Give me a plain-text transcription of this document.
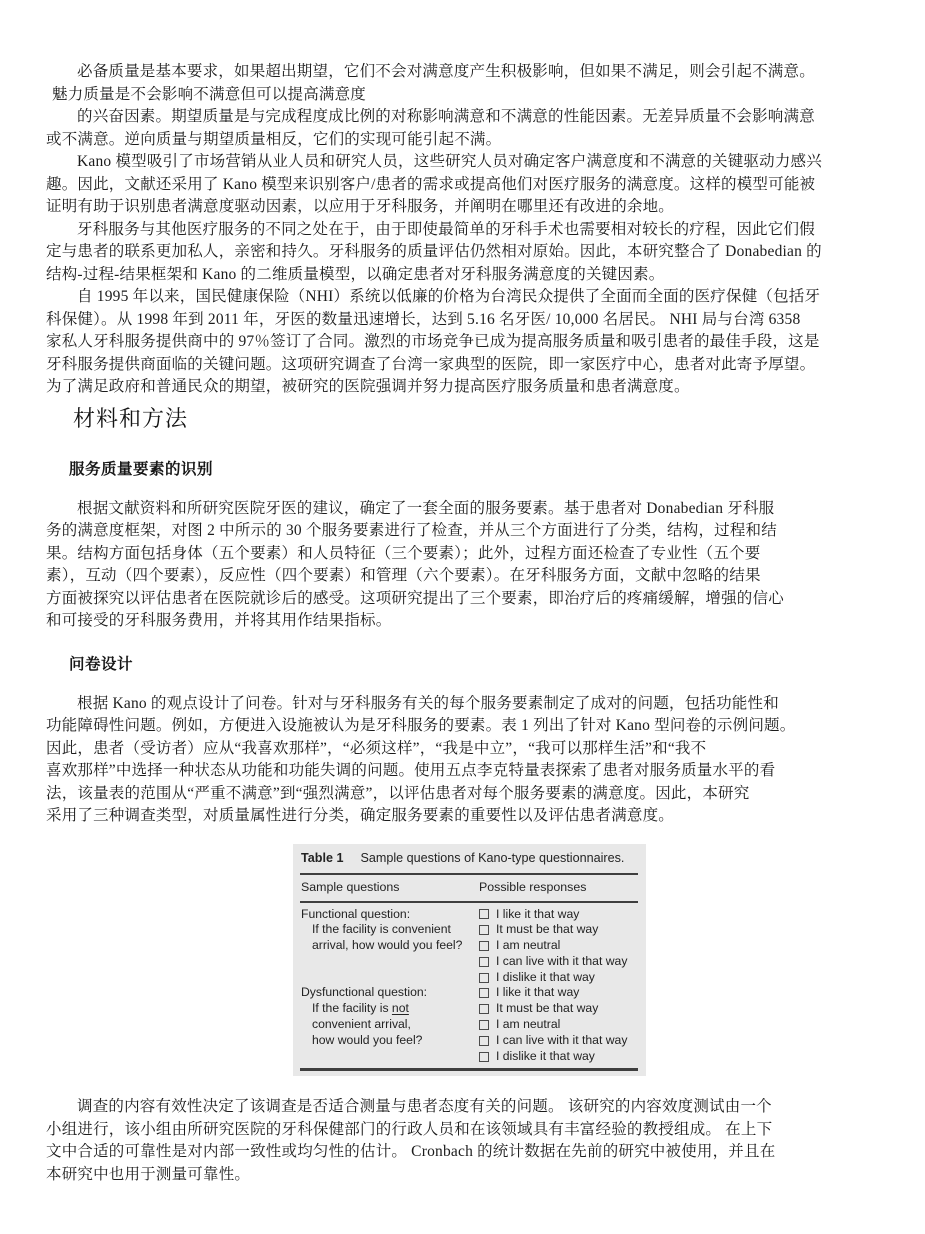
必备质量是基本要求，如果超出期望，它们不会对满意度产生积极影响，但如果不满足，则会引起不满意。
魅力质量是不会影响不满意但可以提高满意度
的兴奋因素。期望质量是与完成程度成比例的对称影响满意和不满意的性能因素。无差异质量不会影响满意
或不满意。逆向质量与期望质量相反，它们的实现可能引起不满。
Kano 模型吸引了市场营销从业人员和研究人员，这些研究人员对确定客户满意度和不满意的关键驱动力感兴
趣。因此，文献还采用了 Kano 模型来识别客户/患者的需求或提高他们对医疗服务的满意度。这样的模型可能被
证明有助于识别患者满意度驱动因素，以应用于牙科服务，并阐明在哪里还有改进的余地。
牙科服务与其他医疗服务的不同之处在于，由于即使最简单的牙科手术也需要相对较长的疗程，因此它们假
定与患者的联系更加私人，亲密和持久。牙科服务的质量评估仍然相对原始。因此，本研究整合了 Donabedian 的
结构-过程-结果框架和 Kano 的二维质量模型，以确定患者对牙科服务满意度的关键因素。
自 1995 年以来，国民健康保险（NHI）系统以低廉的价格为台湾民众提供了全面而全面的医疗保健（包括牙
科保健）。从 1998 年到 2011 年，牙医的数量迅速增长，达到 5.16 名牙医/ 10,000 名居民。 NHI 局与台湾 6358
家私人牙科服务提供商中的 97％签订了合同。激烈的市场竞争已成为提高服务质量和吸引患者的最佳手段，这是
牙科服务提供商面临的关键问题。这项研究调查了台湾一家典型的医院，即一家医疗中心，患者对此寄予厚望。
为了满足政府和普通民众的期望，被研究的医院强调并努力提高医疗服务质量和患者满意度。
材料和方法
服务质量要素的识别
根据文献资料和所研究医院牙医的建议，确定了一套全面的服务要素。基于患者对 Donabedian 牙科服
务的满意度框架，对图 2 中所示的 30 个服务要素进行了检查，并从三个方面进行了分类，结构，过程和结
果。结构方面包括身体（五个要素）和人员特征（三个要素）；此外，过程方面还检查了专业性（五个要
素），互动（四个要素），反应性（四个要素）和管理（六个要素）。在牙科服务方面，文献中忽略的结果
方面被探究以评估患者在医院就诊后的感受。这项研究提出了三个要素，即治疗后的疼痛缓解，增强的信心
和可接受的牙科服务费用，并将其用作结果指标。
问卷设计
根据 Kano 的观点设计了问卷。针对与牙科服务有关的每个服务要素制定了成对的问题，包括功能性和
功能障碍性问题。例如，方便进入设施被认为是牙科服务的要素。表 1 列出了针对 Kano 型问卷的示例问题。
因此，患者（受访者）应从“我喜欢那样”，“必须这样”，“我是中立”，“我可以那样生活”和“我不
喜欢那样”中选择一种状态从功能和功能失调的问题。使用五点李克特量表探索了患者对服务质量水平的看
法，该量表的范围从“严重不满意”到“强烈满意”，以评估患者对每个服务要素的满意度。因此，本研究
采用了三种调查类型，对质量属性进行分类，确定服务要素的重要性以及评估患者满意度。
Table 1 Sample questions of Kano-type questionnaires.
Sample questions	Possible responses
Functional question:
If the facility is convenient
arrival, how would you feel?
I like it that way
It must be that way
I am neutral
I can live with it that way
I dislike it that way
Dysfunctional question:
If the facility is not
convenient arrival,
how would you feel?
I like it that way
It must be that way
I am neutral
I can live with it that way
I dislike it that way
调查的内容有效性决定了该调查是否适合测量与患者态度有关的问题。 该研究的内容效度测试由一个
小组进行，该小组由所研究医院的牙科保健部门的行政人员和在该领域具有丰富经验的教授组成。 在上下
文中合适的可靠性是对内部一致性或均匀性的估计。 Cronbach 的统计数据在先前的研究中被使用，并且在
本研究中也用于测量可靠性。
